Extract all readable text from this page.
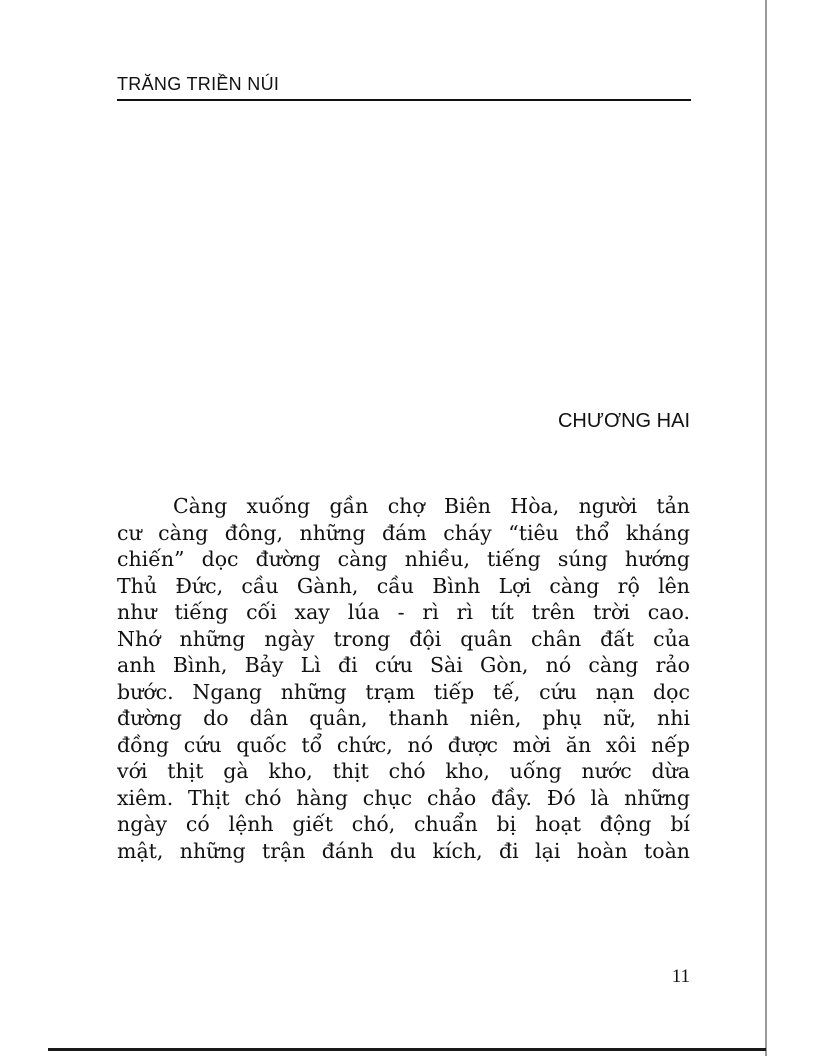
TRĂNG TRIỀN NÚI
CHƯƠNG HAI
Càng xuống gần chợ Biên Hòa, người tản
cư càng đông, những đám cháy “tiêu thổ kháng
chiến” dọc đường càng nhiều, tiếng súng hướng
Thủ Đức, cầu Gành, cầu Bình Lợi càng rộ lên
như tiếng cối xay lúa - rì rì tít trên trời cao.
Nhớ những ngày trong đội quân chân đất của
anh Bình, Bảy Lì đi cứu Sài Gòn, nó càng rảo
bước. Ngang những trạm tiếp tế, cứu nạn dọc
đường do dân quân, thanh niên, phụ nữ, nhi
đồng cứu quốc tổ chức, nó được mời ăn xôi nếp
với thịt gà kho, thịt chó kho, uống nước dừa
xiêm. Thịt chó hàng chục chảo đầy. Đó là những
ngày có lệnh giết chó, chuẩn bị hoạt động bí
mật, những trận đánh du kích, đi lại hoàn toàn
11
